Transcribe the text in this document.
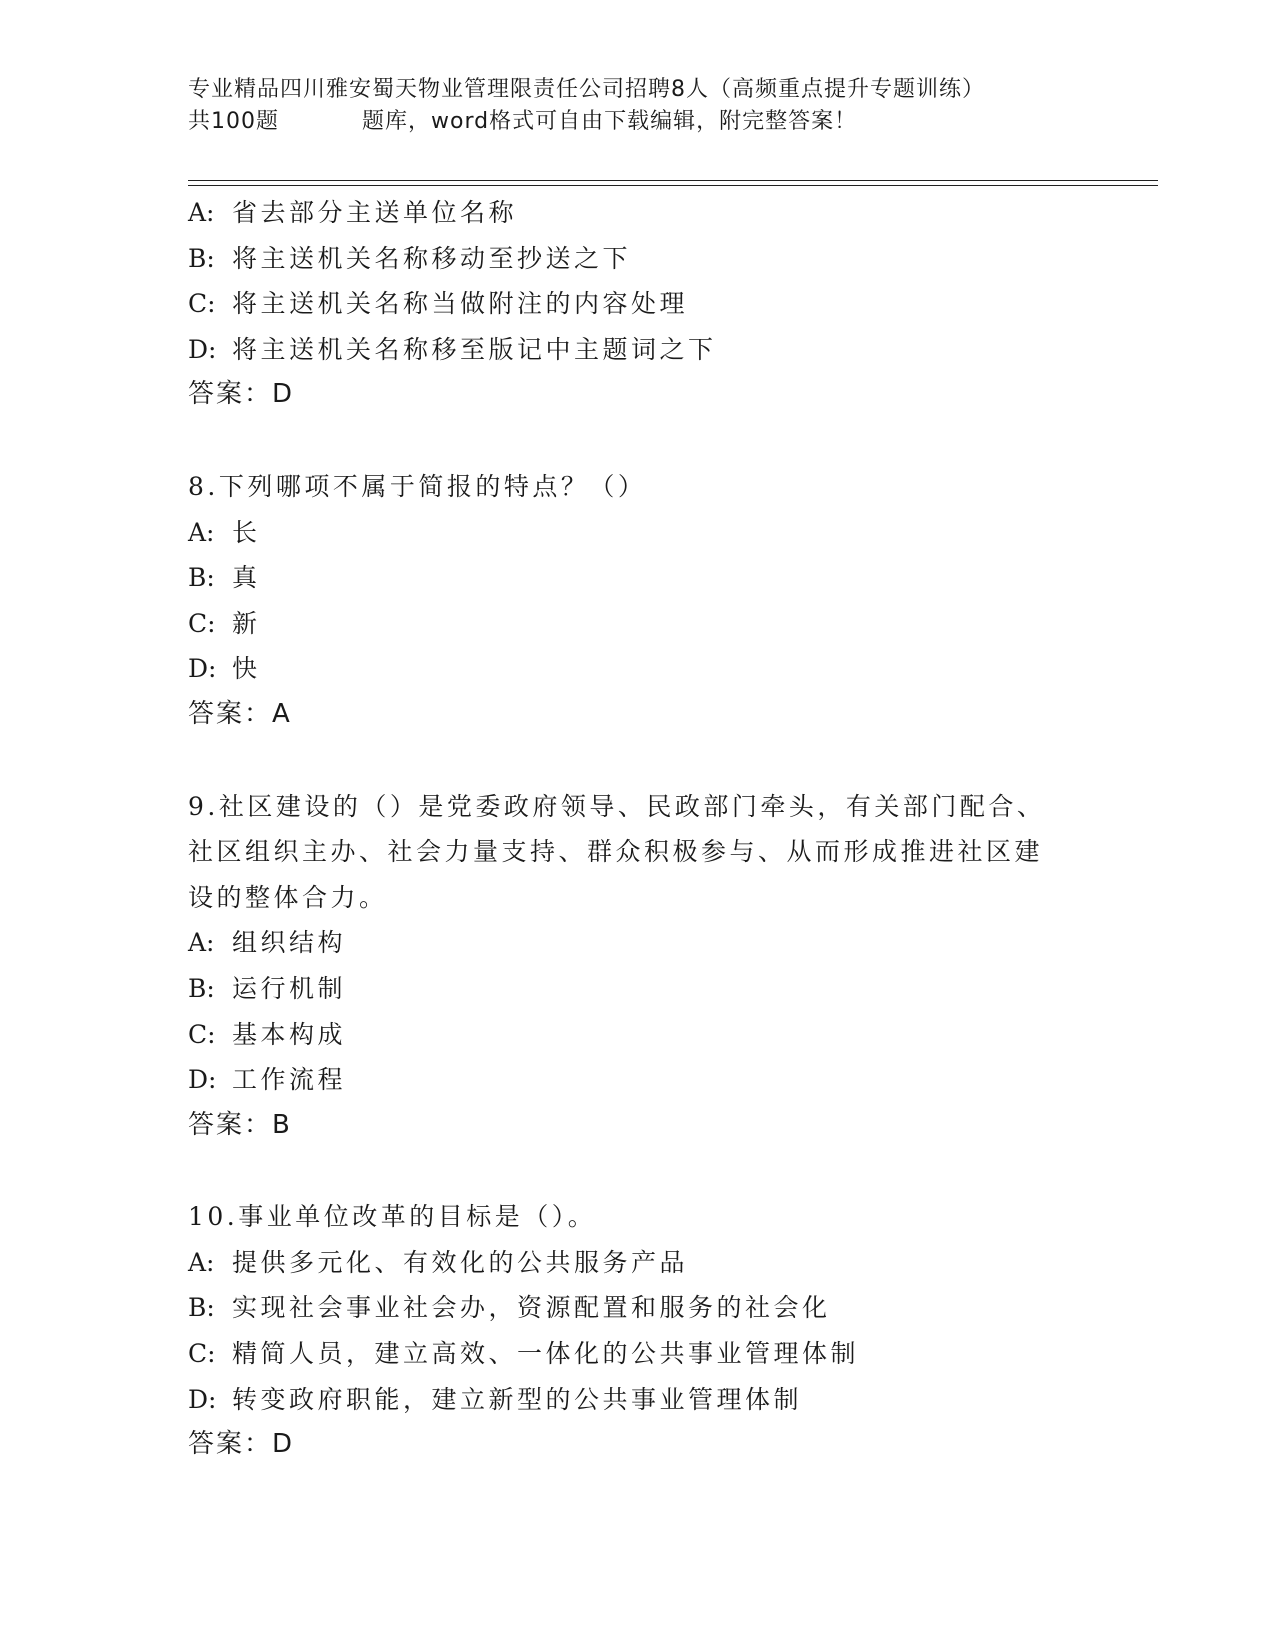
专业精品四川雅安蜀天物业管理限责任公司招聘8人（高频重点提升专题训练）
共100题	题库，word格式可自由下载编辑，附完整答案！
A: 省去部分主送单位名称
B: 将主送机关名称移动至抄送之下
C: 将主送机关名称当做附注的内容处理
D: 将主送机关名称移至版记中主题词之下
答案：D
8.下列哪项不属于简报的特点？（）
A: 长
B: 真
C: 新
D: 快
答案：A
9.社区建设的（）是党委政府领导、民政部门牵头，有关部门配合、
社区组织主办、社会力量支持、群众积极参与、从而形成推进社区建
设的整体合力。
A: 组织结构
B: 运行机制
C: 基本构成
D: 工作流程
答案：B
10.事业单位改革的目标是（）。
A: 提供多元化、有效化的公共服务产品
B: 实现社会事业社会办，资源配置和服务的社会化
C: 精简人员，建立高效、一体化的公共事业管理体制
D: 转变政府职能，建立新型的公共事业管理体制
答案：D
